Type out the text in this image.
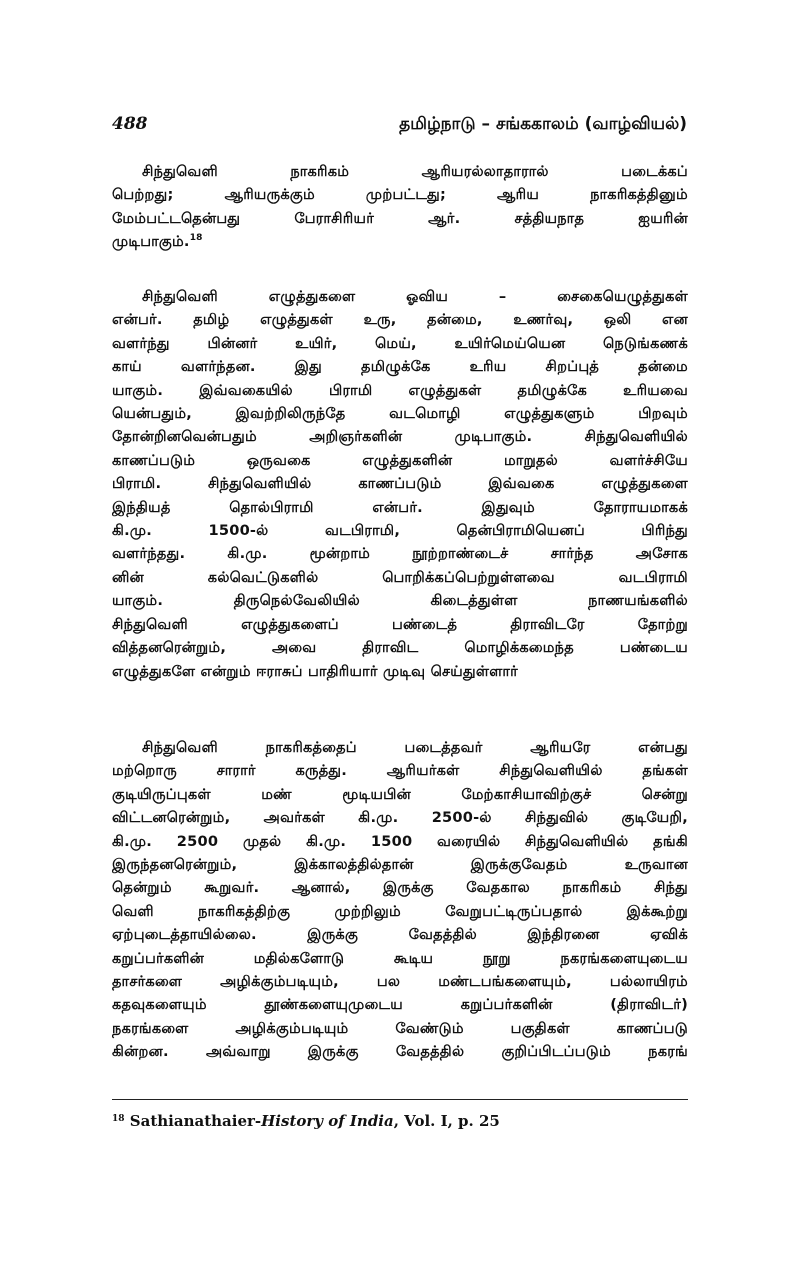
488	தமிழ்நாடு – சங்ககாலம் (வாழ்வியல்)
சிந்துவெளி நாகரிகம் ஆரியரல்லாதாரால் படைக்கப்
பெற்றது; ஆரியருக்கும் முற்பட்டது; ஆரிய நாகரிகத்தினும்
மேம்பட்டதென்பது பேராசிரியர் ஆர். சத்தியநாத ஐயரின்
முடிபாகும்.$^{18}$
சிந்துவெளி எழுத்துகளை ஓவிய – சைகையெழுத்துகள்
என்பர். தமிழ் எழுத்துகள் உரு, தன்மை, உணர்வு, ஒலி என
வளர்ந்து பின்னர் உயிர், மெய், உயிர்மெய்யென நெடுங்கணக்
காய் வளர்ந்தன. இது தமிழுக்கே உரிய சிறப்புத் தன்மை
யாகும். இவ்வகையில் பிராமி எழுத்துகள் தமிழுக்கே உரியவை
யென்பதும், இவற்றிலிருந்தே வடமொழி எழுத்துகளும் பிறவும்
தோன்றினவென்பதும் அறிஞர்களின் முடிபாகும். சிந்துவெளியில்
காணப்படும் ஒருவகை எழுத்துகளின் மாறுதல் வளர்ச்சியே
பிராமி. சிந்துவெளியில் காணப்படும் இவ்வகை எழுத்துகளை
இந்தியத் தொல்பிராமி என்பர். இதுவும் தோராயமாகக்
கி.மு. 1500-ல் வடபிராமி, தென்பிராமியெனப் பிரிந்து
வளர்ந்தது. கி.மு. மூன்றாம் நூற்றாண்டைச் சார்ந்த அசோக
னின் கல்வெட்டுகளில் பொறிக்கப்பெற்றுள்ளவை வடபிராமி
யாகும். திருநெல்வேலியில் கிடைத்துள்ள நாணயங்களில்
சிந்துவெளி எழுத்துகளைப் பண்டைத் திராவிடரே தோற்று
வித்தனரென்றும், அவை திராவிட மொழிக்கமைந்த பண்டைய
எழுத்துகளே என்றும் ஈராசுப் பாதிரியார் முடிவு செய்துள்ளார்
சிந்துவெளி நாகரிகத்தைப் படைத்தவர் ஆரியரே என்பது
மற்றொரு சாரார் கருத்து. ஆரியர்கள் சிந்துவெளியில் தங்கள்
குடியிருப்புகள் மண் மூடியபின் மேற்காசியாவிற்குச் சென்று
விட்டனரென்றும், அவர்கள் கி.மு. 2500-ல் சிந்துவில் குடியேறி,
கி.மு. 2500 முதல் கி.மு. 1500 வரையில் சிந்துவெளியில் தங்கி
இருந்தனரென்றும், இக்காலத்தில்தான் இருக்குவேதம் உருவான
தென்றும் கூறுவர். ஆனால், இருக்கு வேதகால நாகரிகம் சிந்து
வெளி நாகரிகத்திற்கு முற்றிலும் வேறுபட்டிருப்பதால் இக்கூற்று
ஏற்புடைத்தாயில்லை. இருக்கு வேதத்தில் இந்திரனை ஏவிக்
கறுப்பர்களின் மதில்களோடு கூடிய நூறு நகரங்களையுடைய
தாசர்களை அழிக்கும்படியும், பல மண்டபங்களையும், பல்லாயிரம்
கதவுகளையும் தூண்களையுமுடைய கறுப்பர்களின் (திராவிடர்)
நகரங்களை அழிக்கும்படியும் வேண்டும் பகுதிகள் காணப்படு
கின்றன. அவ்வாறு இருக்கு வேதத்தில் குறிப்பிடப்படும் நகரங்
$^{18}$ Sathianathaier-History of India, Vol. I, p. 25
